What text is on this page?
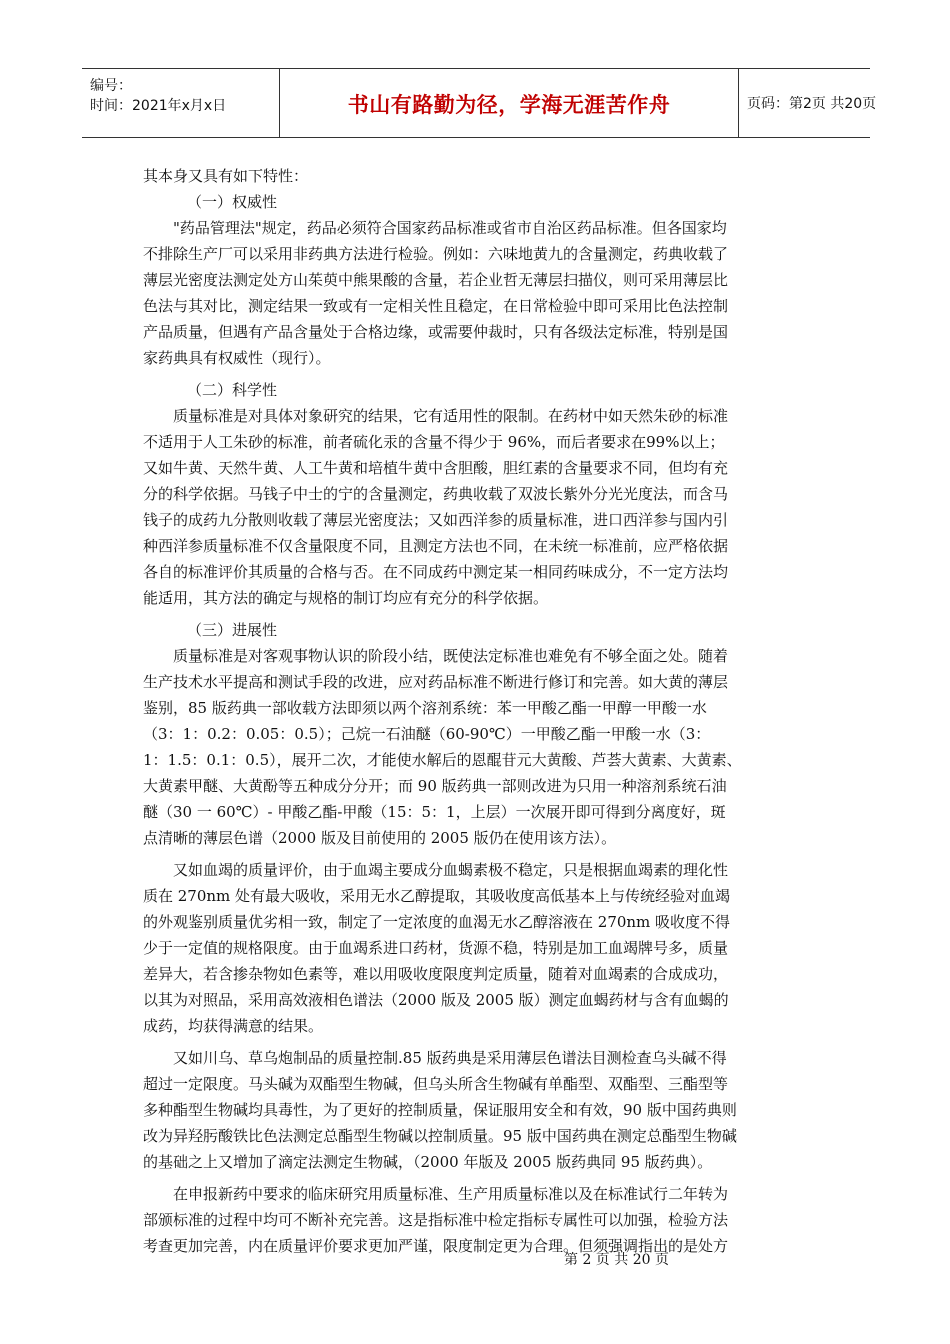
编号：
时间：2021年x月x日	书山有路勤为径，学海无涯苦作舟	页码：第2页 共20页
其本身又具有如下特性：
（一）权威性
"药品管理法"规定，药品必须符合国家药品标准或省市自治区药品标准。但各国家均
不排除生产厂可以采用非药典方法进行检验。例如：六味地黄九的含量测定，药典收载了
薄层光密度法测定处方山茱萸中熊果酸的含量，若企业哲无薄层扫描仪，则可采用薄层比
色法与其对比，测定结果一致或有一定相关性且稳定，在日常检验中即可采用比色法控制
产品质量，但遇有产品含量处于合格边缘，或需要仲裁时，只有各级法定标准，特别是国
家药典具有权威性（现行）。
（二）科学性
质量标准是对具体对象研究的结果，它有适用性的限制。在药材中如天然朱砂的标准
不适用于人工朱砂的标准，前者硫化汞的含量不得少于 96%，而后者要求在99%以上；
又如牛黄、天然牛黄、人工牛黄和培植牛黄中含胆酸，胆红素的含量要求不同，但均有充
分的科学依据。马钱子中士的宁的含量测定，药典收载了双波长紫外分光光度法，而含马
钱子的成药九分散则收载了薄层光密度法；又如西洋参的质量标准，进口西洋参与国内引
种西洋参质量标准不仅含量限度不同，且测定方法也不同，在未统一标准前，应严格依据
各自的标准评价其质量的合格与否。在不同成药中测定某一相同药味成分，不一定方法均
能适用，其方法的确定与规格的制订均应有充分的科学依据。
（三）进展性
质量标准是对客观事物认识的阶段小结，既使法定标准也难免有不够全面之处。随着
生产技术水平提高和测试手段的改进，应对药品标准不断进行修订和完善。如大黄的薄层
鉴别，85 版药典一部收载方法即须以两个溶剂系统：苯一甲酸乙酯一甲醇一甲酸一水
（3：1：0.2：0.05：0.5）；己烷一石油醚（60-90℃）一甲酸乙酯一甲酸一水（3：
1：1.5：0.1：0.5），展开二次，才能使水解后的恩醌苷元大黄酸、芦荟大黄素、大黄素、
大黄素甲醚、大黄酚等五种成分分开；而 90 版药典一部则改进为只用一种溶剂系统石油
醚（30 一 60℃）- 甲酸乙酯-甲酸（15：5：1，上层）一次展开即可得到分离度好，斑
点清晰的薄层色谱（2000 版及目前使用的 2005 版仍在使用该方法）。
又如血竭的质量评价，由于血竭主要成分血蝎素极不稳定，只是根据血竭素的理化性
质在 270nm 处有最大吸收，采用无水乙醇提取，其吸收度高低基本上与传统经验对血竭
的外观鉴别质量优劣相一致，制定了一定浓度的血渴无水乙醇溶液在 270nm 吸收度不得
少于一定值的规格限度。由于血竭系进口药材，货源不稳，特别是加工血竭牌号多，质量
差异大，若含掺杂物如色素等，难以用吸收度限度判定质量，随着对血竭素的合成成功，
以其为对照品，采用高效液相色谱法（2000 版及 2005 版）测定血蝎药材与含有血蝎的
成药，均获得满意的结果。
又如川乌、草乌炮制品的质量控制.85 版药典是采用薄层色谱法目测检查乌头碱不得
超过一定限度。马头碱为双酯型生物碱，但乌头所含生物碱有单酯型、双酯型、三酯型等
多种酯型生物碱均具毒性，为了更好的控制质量，保证服用安全和有效，90 版中国药典则
改为异羟肟酸铁比色法测定总酯型生物碱以控制质量。95 版中国药典在测定总酯型生物碱
的基础之上又增加了滴定法测定生物碱，（2000 年版及 2005 版药典同 95 版药典）。
在申报新药中要求的临床研究用质量标准、生产用质量标准以及在标准试行二年转为
部颁标准的过程中均可不断补充完善。这是指标准中检定指标专属性可以加强，检验方法
考查更加完善，内在质量评价要求更加严谨，限度制定更为合理。但须强调指出的是处方
第 2 页 共 20 页
